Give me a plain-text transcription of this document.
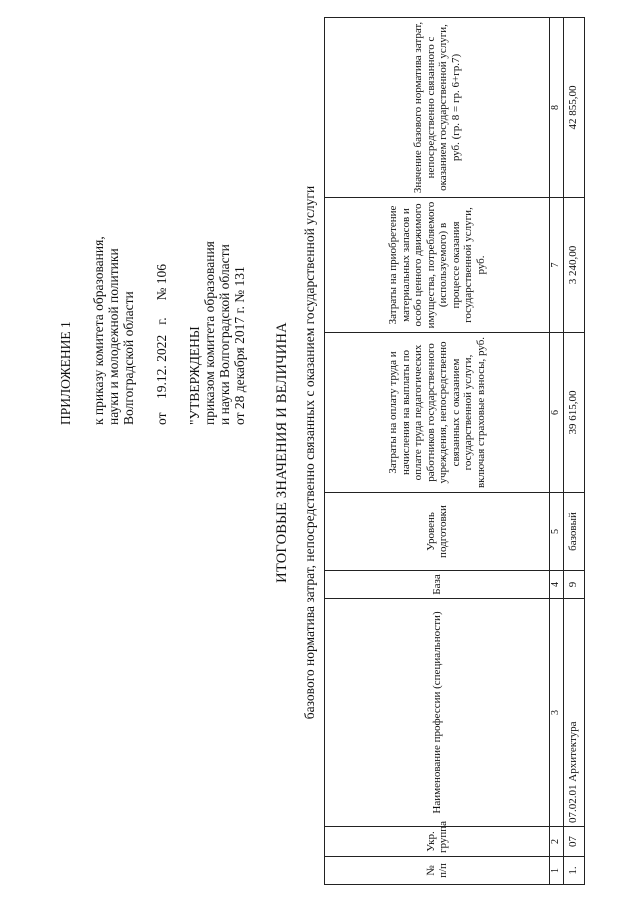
ПРИЛОЖЕНИЕ 1 к приказу комитета образования, науки и молодежной политики Волгоградской области от    19.12. 2022   г.     № 106
"УТВЕРЖДЕНЫ приказом комитета образования и науки Волгоградской области от 28 декабря 2017 г. № 131 ИТОГОВЫЕ ЗНАЧЕНИЯ И ВЕЛИЧИНА базового норматива затрат, непосредственно связанных с оказанием государственной услуги
№ п/п	Укр. группа	Наименование профессии (специальности)	База	Уровень подготовки	Затраты на оплату труда и начисления на выплаты по оплате труда педагогических работников государственного учреждения, непосредственно связанных с оказанием государственной услуги, включая страховые взносы, руб.	Затраты на приобретение материальных запасов и особо ценного движимого имущества, потребляемого (используемого) в процессе оказания государственной услуги, руб.	Значение базового норматива затрат, непосредственно связанного с оказанием государственной услуги, руб. (гр. 8 = гр. 6+гр.7)
1	2	3	4	5	6	7	8
1.	07	07.02.01 Архитектура	9	базовый	39 615,00	3 240,00	42 855,00
